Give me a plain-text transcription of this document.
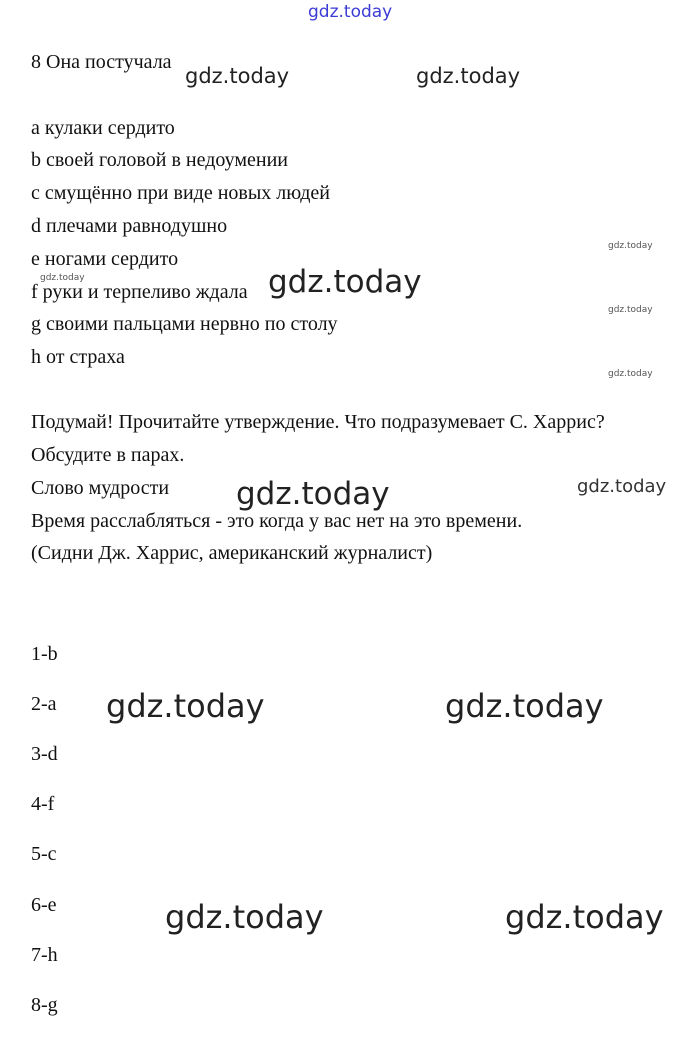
gdz.today
8 Она постучала
a кулаки сердито
b своей головой в недоумении
c смущённо при виде новых людей
d плечами равнодушно
e ногами сердито
f руки и терпеливо ждала
g своими пальцами нервно по столу
h от страха
Подумай! Прочитайте утверждение. Что подразумевает С. Харрис?
Обсудите в парах.
Слово мудрости
Время расслабляться - это когда у вас нет на это времени.
(Сидни Дж. Харрис, американский журналист)
1-b
2-a
3-d
4-f
5-c
6-e
7-h
8-g
gdz.today	gdz.today
gdz.today
gdz.today	gdz.today
gdz.today
gdz.today
gdz.today
gdz.today
gdz.today	gdz.today
gdz.today	gdz.today
